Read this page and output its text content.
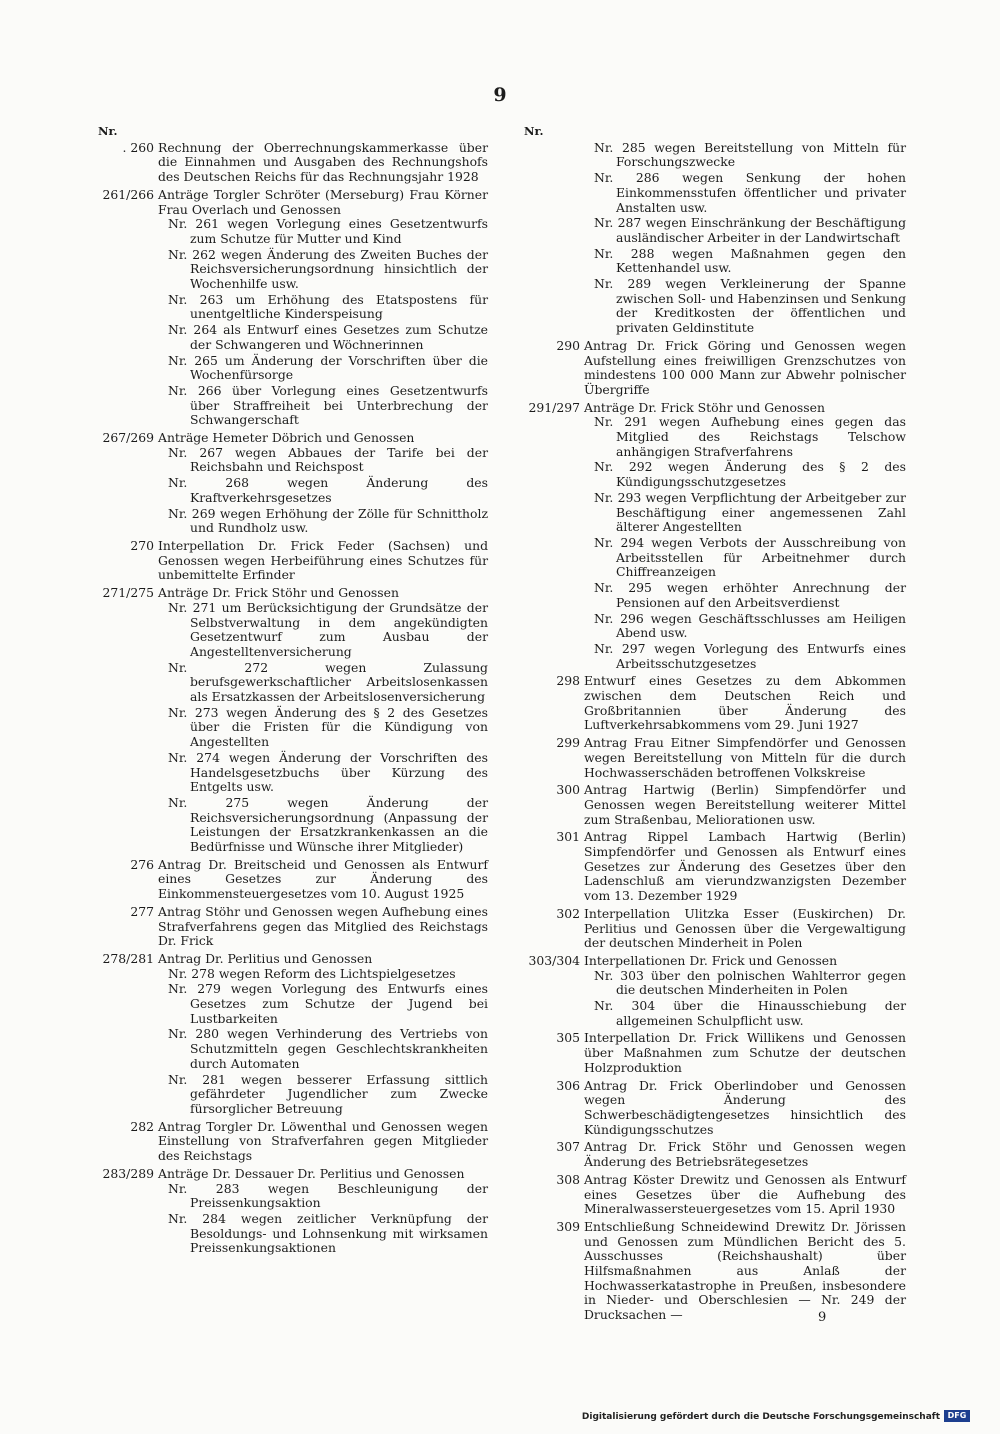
9
Nr.
. 260 Rechnung der Oberrechnungskammerkasse über die Einnahmen und Ausgaben des Rechnungshofs des Deutschen Reichs für das Rechnungsjahr 1928
261/266 Anträge Torgler Schröter (Merseburg) Frau Körner Frau Overlach und Genossen
Nr. 261 wegen Vorlegung eines Gesetzentwurfs zum Schutze für Mutter und Kind
Nr. 262 wegen Änderung des Zweiten Buches der Reichsversicherungsordnung hinsichtlich der Wochenhilfe usw.
Nr. 263 um Erhöhung des Etatspostens für unentgeltliche Kinderspeisung
Nr. 264 als Entwurf eines Gesetzes zum Schutze der Schwangeren und Wöchnerinnen
Nr. 265 um Änderung der Vorschriften über die Wochenfürsorge
Nr. 266 über Vorlegung eines Gesetzentwurfs über Straffreiheit bei Unterbrechung der Schwangerschaft
267/269 Anträge Hemeter Döbrich und Genossen
Nr. 267 wegen Abbaues der Tarife bei der Reichsbahn und Reichspost
Nr. 268 wegen Änderung des Kraftverkehrsgesetzes
Nr. 269 wegen Erhöhung der Zölle für Schnittholz und Rundholz usw.
270 Interpellation Dr. Frick Feder (Sachsen) und Genossen wegen Herbeiführung eines Schutzes für unbemittelte Erfinder
271/275 Anträge Dr. Frick Stöhr und Genossen
Nr. 271 um Berücksichtigung der Grundsätze der Selbstverwaltung in dem angekündigten Gesetzentwurf zum Ausbau der Angestelltenversicherung
Nr. 272 wegen Zulassung berufsgewerkschaftlicher Arbeitslosenkassen als Ersatzkassen der Arbeitslosenversicherung
Nr. 273 wegen Änderung des § 2 des Gesetzes über die Fristen für die Kündigung von Angestellten
Nr. 274 wegen Änderung der Vorschriften des Handelsgesetzbuchs über Kürzung des Entgelts usw.
Nr. 275 wegen Änderung der Reichsversicherungsordnung (Anpassung der Leistungen der Ersatzkrankenkassen an die Bedürfnisse und Wünsche ihrer Mitglieder)
276 Antrag Dr. Breitscheid und Genossen als Entwurf eines Gesetzes zur Änderung des Einkommensteuergesetzes vom 10. August 1925
277 Antrag Stöhr und Genossen wegen Aufhebung eines Strafverfahrens gegen das Mitglied des Reichstags Dr. Frick
278/281 Antrag Dr. Perlitius und Genossen
Nr. 278 wegen Reform des Lichtspielgesetzes
Nr. 279 wegen Vorlegung des Entwurfs eines Gesetzes zum Schutze der Jugend bei Lustbarkeiten
Nr. 280 wegen Verhinderung des Vertriebs von Schutzmitteln gegen Geschlechtskrankheiten durch Automaten
Nr. 281 wegen besserer Erfassung sittlich gefährdeter Jugendlicher zum Zwecke fürsorglicher Betreuung
282 Antrag Torgler Dr. Löwenthal und Genossen wegen Einstellung von Strafverfahren gegen Mitglieder des Reichstags
283/289 Anträge Dr. Dessauer Dr. Perlitius und Genossen
Nr. 283 wegen Beschleunigung der Preissenkungsaktion
Nr. 284 wegen zeitlicher Verknüpfung der Besoldungs- und Lohnsenkung mit wirksamen Preissenkungsaktionen
Nr.
Nr. 285 wegen Bereitstellung von Mitteln für Forschungszwecke
Nr. 286 wegen Senkung der hohen Einkommensstufen öffentlicher und privater Anstalten usw.
Nr. 287 wegen Einschränkung der Beschäftigung ausländischer Arbeiter in der Landwirtschaft
Nr. 288 wegen Maßnahmen gegen den Kettenhandel usw.
Nr. 289 wegen Verkleinerung der Spanne zwischen Soll- und Habenzinsen und Senkung der Kreditkosten der öffentlichen und privaten Geldinstitute
290 Antrag Dr. Frick Göring und Genossen wegen Aufstellung eines freiwilligen Grenzschutzes von mindestens 100 000 Mann zur Abwehr polnischer Übergriffe
291/297 Anträge Dr. Frick Stöhr und Genossen
Nr. 291 wegen Aufhebung eines gegen das Mitglied des Reichstags Telschow anhängigen Strafverfahrens
Nr. 292 wegen Änderung des § 2 des Kündigungsschutzgesetzes
Nr. 293 wegen Verpflichtung der Arbeitgeber zur Beschäftigung einer angemessenen Zahl älterer Angestellten
Nr. 294 wegen Verbots der Ausschreibung von Arbeitsstellen für Arbeitnehmer durch Chiffreanzeigen
Nr. 295 wegen erhöhter Anrechnung der Pensionen auf den Arbeitsverdienst
Nr. 296 wegen Geschäftsschlusses am Heiligen Abend usw.
Nr. 297 wegen Vorlegung des Entwurfs eines Arbeitsschutzgesetzes
298 Entwurf eines Gesetzes zu dem Abkommen zwischen dem Deutschen Reich und Großbritannien über Änderung des Luftverkehrsabkommens vom 29. Juni 1927
299 Antrag Frau Eitner Simpfendörfer und Genossen wegen Bereitstellung von Mitteln für die durch Hochwasserschäden betroffenen Volkskreise
300 Antrag Hartwig (Berlin) Simpfendörfer und Genossen wegen Bereitstellung weiterer Mittel zum Straßenbau, Meliorationen usw.
301 Antrag Rippel Lambach Hartwig (Berlin) Simpfendörfer und Genossen als Entwurf eines Gesetzes zur Änderung des Gesetzes über den Ladenschluß am vierundzwanzigsten Dezember vom 13. Dezember 1929
302 Interpellation Ulitzka Esser (Euskirchen) Dr. Perlitius und Genossen über die Vergewaltigung der deutschen Minderheit in Polen
303/304 Interpellationen Dr. Frick und Genossen
Nr. 303 über den polnischen Wahlterror gegen die deutschen Minderheiten in Polen
Nr. 304 über die Hinausschiebung der allgemeinen Schulpflicht usw.
305 Interpellation Dr. Frick Willikens und Genossen über Maßnahmen zum Schutze der deutschen Holzproduktion
306 Antrag Dr. Frick Oberlindober und Genossen wegen Änderung des Schwerbeschädigtengesetzes hinsichtlich des Kündigungsschutzes
307 Antrag Dr. Frick Stöhr und Genossen wegen Änderung des Betriebsrätegesetzes
308 Antrag Köster Drewitz und Genossen als Entwurf eines Gesetzes über die Aufhebung des Mineralwassersteuergesetzes vom 15. April 1930
309 Entschließung Schneidewind Drewitz Dr. Jörissen und Genossen zum Mündlichen Bericht des 5. Ausschusses (Reichshaushalt) über Hilfsmaßnahmen aus Anlaß der Hochwasserkatastrophe in Preußen, insbesondere in Nieder- und Oberschlesien — Nr. 249 der Drucksachen —	9
Digitalisierung gefördert durch die Deutsche Forschungsgemeinschaft DFG
